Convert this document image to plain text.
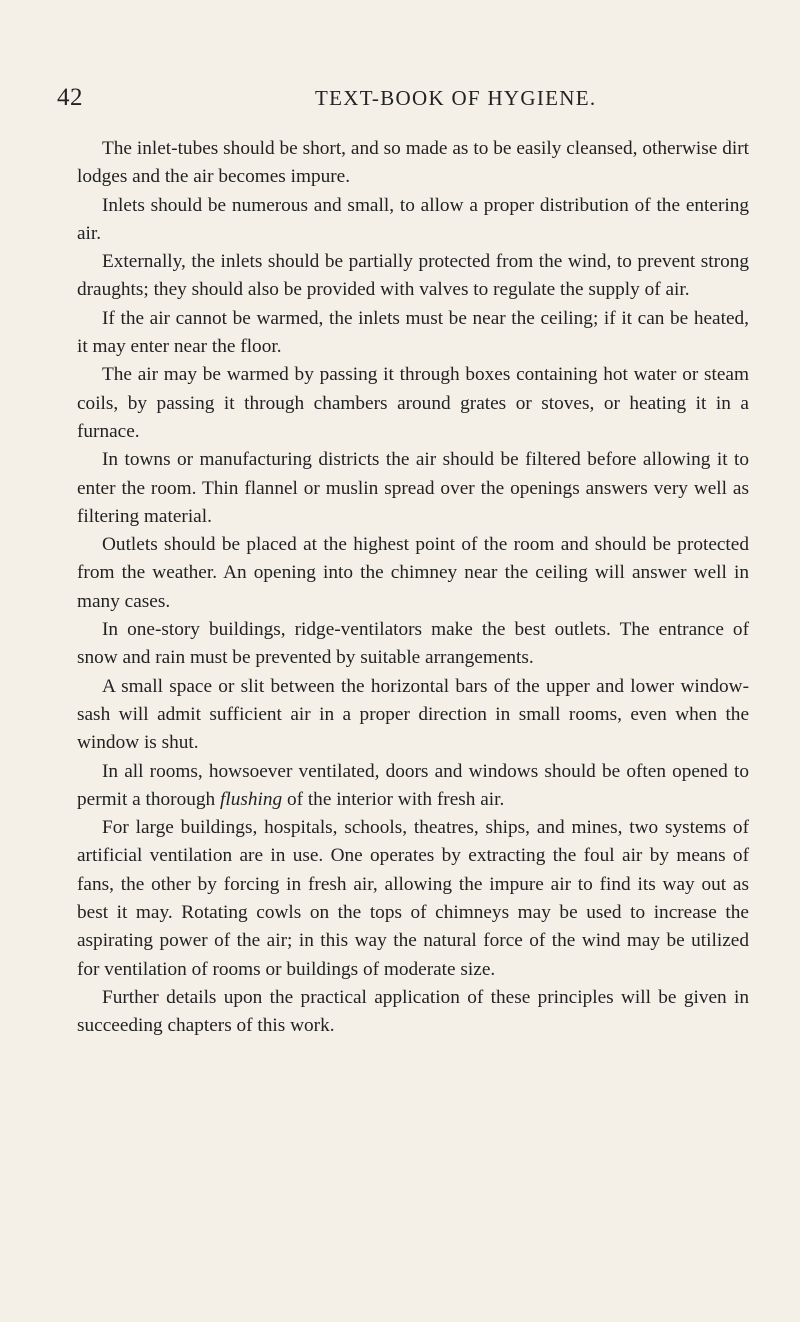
42	TEXT-BOOK OF HYGIENE.

The inlet-tubes should be short, and so made as to be easily cleansed, otherwise dirt lodges and the air becomes impure.

Inlets should be numerous and small, to allow a proper distribution of the entering air.

Externally, the inlets should be partially protected from the wind, to prevent strong draughts; they should also be provided with valves to regulate the supply of air.

If the air cannot be warmed, the inlets must be near the ceiling; if it can be heated, it may enter near the floor.

The air may be warmed by passing it through boxes containing hot water or steam coils, by passing it through chambers around grates or stoves, or heating it in a furnace.

In towns or manufacturing districts the air should be filtered before allowing it to enter the room. Thin flannel or muslin spread over the openings answers very well as filtering material.

Outlets should be placed at the highest point of the room and should be protected from the weather. An opening into the chimney near the ceiling will answer well in many cases.

In one-story buildings, ridge-ventilators make the best outlets. The entrance of snow and rain must be prevented by suitable arrangements.

A small space or slit between the horizontal bars of the upper and lower window-sash will admit sufficient air in a proper direction in small rooms, even when the window is shut.

In all rooms, howsoever ventilated, doors and windows should be often opened to permit a thorough flushing of the interior with fresh air.

For large buildings, hospitals, schools, theatres, ships, and mines, two systems of artificial ventilation are in use. One operates by extracting the foul air by means of fans, the other by forcing in fresh air, allowing the impure air to find its way out as best it may. Rotating cowls on the tops of chimneys may be used to increase the aspirating power of the air; in this way the natural force of the wind may be utilized for ventilation of rooms or buildings of moderate size.

Further details upon the practical application of these principles will be given in succeeding chapters of this work.
